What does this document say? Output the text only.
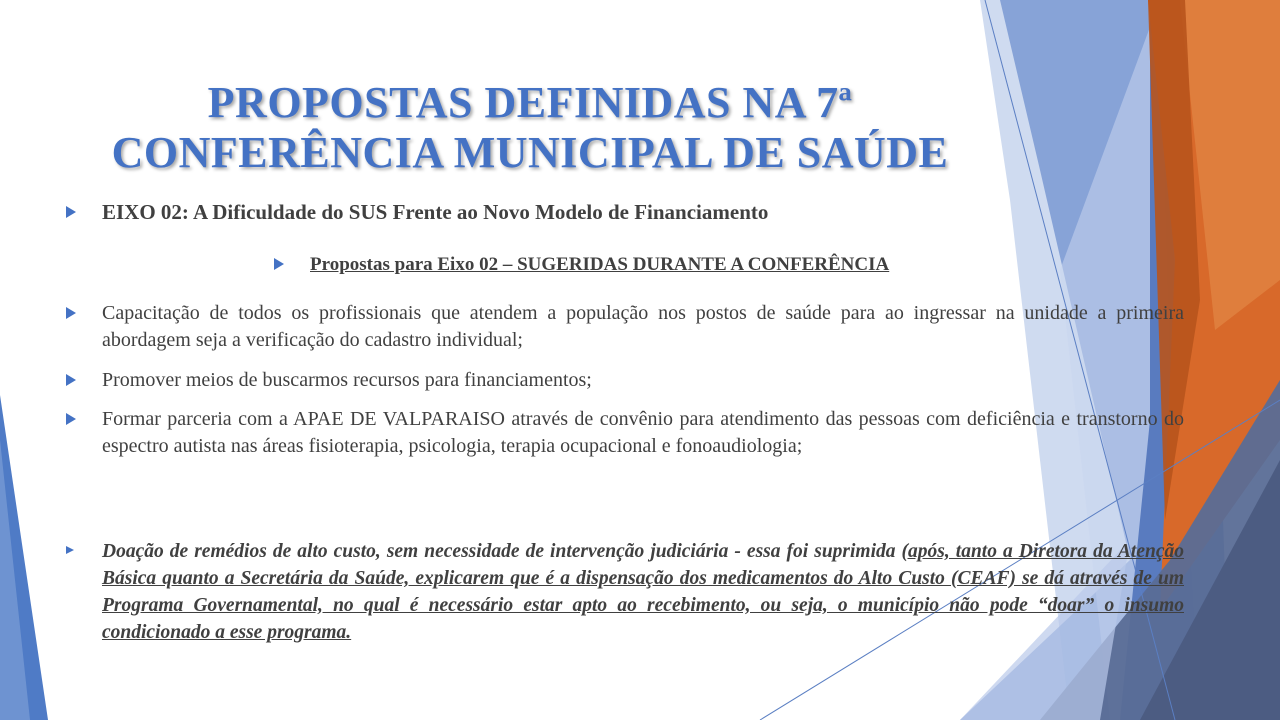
PROPOSTAS DEFINIDAS NA 7ª
CONFERÊNCIA MUNICIPAL DE SAÚDE
EIXO 02: A Dificuldade do SUS Frente ao Novo Modelo de Financiamento
Propostas para Eixo 02 – SUGERIDAS DURANTE A CONFERÊNCIA
Capacitação de todos os profissionais que atendem a população nos postos de saúde para ao ingressar na unidade a primeira abordagem seja a verificação do cadastro individual;
Promover meios de buscarmos recursos para financiamentos;
Formar parceria com a APAE DE VALPARAISO através de convênio para atendimento das pessoas com deficiência e transtorno do espectro autista nas áreas fisioterapia, psicologia, terapia ocupacional e fonoaudiologia;
Doação de remédios de alto custo, sem necessidade de intervenção judiciária - essa foi suprimida (após, tanto a Diretora da Atenção Básica quanto a Secretária da Saúde, explicarem que é a dispensação dos medicamentos do Alto Custo (CEAF) se dá através de um Programa Governamental, no qual é necessário estar apto ao recebimento, ou seja, o município não pode “doar” o insumo condicionado a esse programa.
